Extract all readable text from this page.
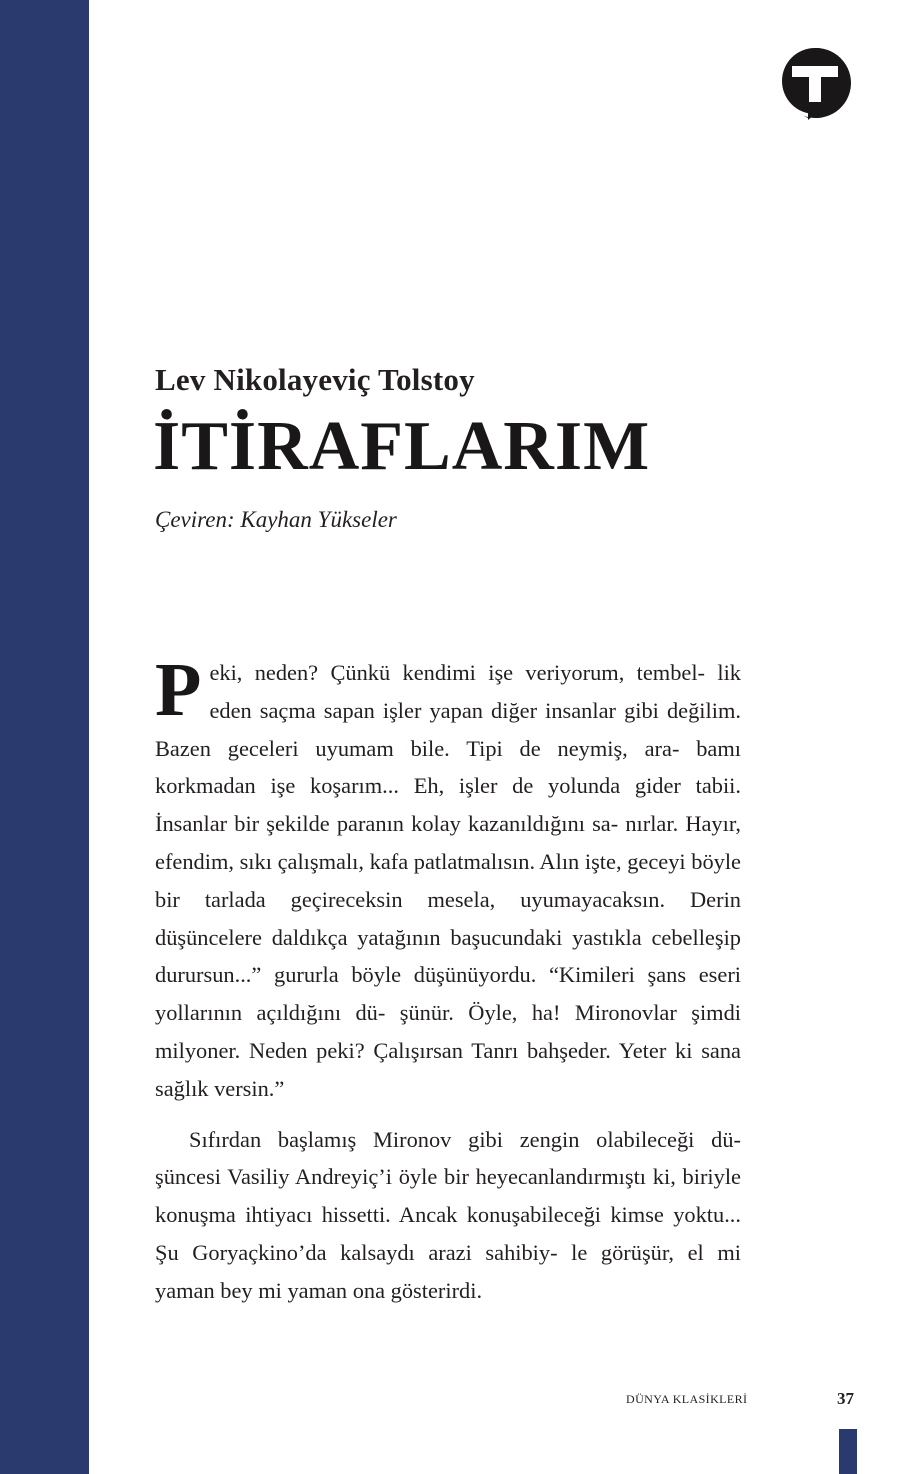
Lev Nikolayeviç Tolstoy
İTİRAFLARIM
Çeviren: Kayhan Yükseler

Peki, neden? Çünkü kendimi işe veriyorum, tembel- lik eden saçma sapan işler yapan diğer insanlar gibi değilim. Bazen geceleri uyumam bile. Tipi de neymiş, ara- bamı korkmadan işe koşarım... Eh, işler de yolunda gider tabii. İnsanlar bir şekilde paranın kolay kazanıldığını sa- nırlar. Hayır, efendim, sıkı çalışmalı, kafa patlatmalısın. Alın işte, geceyi böyle bir tarlada geçireceksin mesela, uyumayacaksın. Derin düşüncelere daldıkça yatağının başucundaki yastıkla cebelleşip durursun...” gururla böyle düşünüyordu. “Kimileri şans eseri yollarının açıldığını dü- şünür. Öyle, ha! Mironovlar şimdi milyoner. Neden peki? Çalışırsan Tanrı bahşeder. Yeter ki sana sağlık versin.”

Sıfırdan başlamış Mironov gibi zengin olabileceği dü- şüncesi Vasiliy Andreyiç’i öyle bir heyecanlandırmıştı ki, biriyle konuşma ihtiyacı hissetti. Ancak konuşabileceği kimse yoktu... Şu Goryaçkino’da kalsaydı arazi sahibiy- le görüşür, el mi yaman bey mi yaman ona gösterirdi.

DÜNYA KLASİKLERİ	37
